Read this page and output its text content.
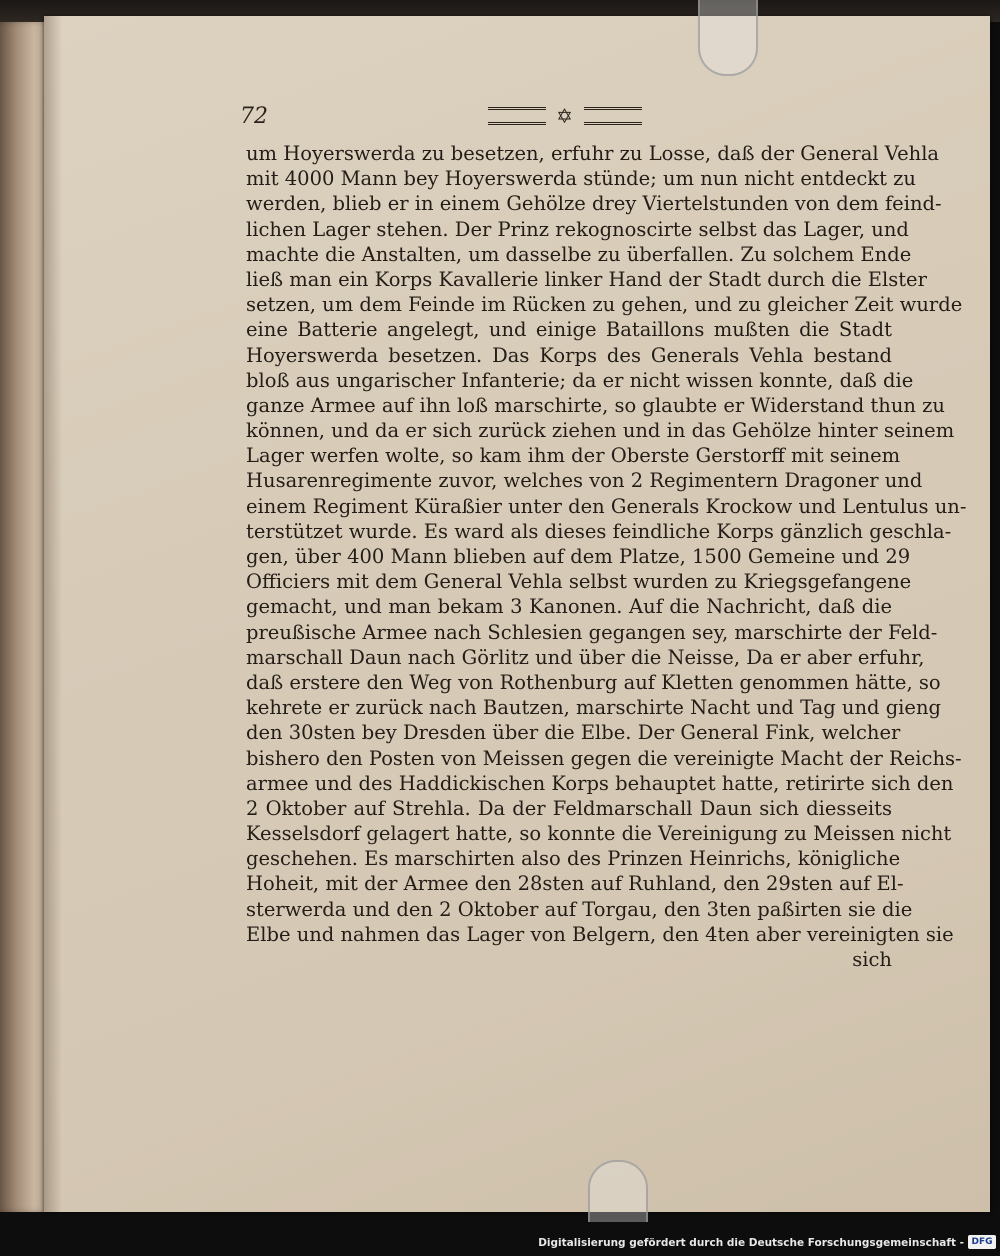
72	✡
um Hoyerswerda zu besetzen, erfuhr zu Losse, daß der General Vehla
mit 4000 Mann bey Hoyerswerda stünde; um nun nicht entdeckt zu
werden, blieb er in einem Gehölze drey Viertelstunden von dem feind-
lichen Lager stehen. Der Prinz rekognoscirte selbst das Lager, und
machte die Anstalten, um dasselbe zu überfallen. Zu solchem Ende
ließ man ein Korps Kavallerie linker Hand der Stadt durch die Elster
setzen, um dem Feinde im Rücken zu gehen, und zu gleicher Zeit wurde
eine Batterie angelegt, und einige Bataillons mußten die Stadt
Hoyerswerda besetzen. Das Korps des Generals Vehla bestand
bloß aus ungarischer Infanterie; da er nicht wissen konnte, daß die
ganze Armee auf ihn loß marschirte, so glaubte er Widerstand thun zu
können, und da er sich zurück ziehen und in das Gehölze hinter seinem
Lager werfen wolte, so kam ihm der Oberste Gerstorff mit seinem
Husarenregimente zuvor, welches von 2 Regimentern Dragoner und
einem Regiment Küraßier unter den Generals Krockow und Lentulus un-
terstützet wurde. Es ward als dieses feindliche Korps gänzlich geschla-
gen, über 400 Mann blieben auf dem Platze, 1500 Gemeine und 29
Officiers mit dem General Vehla selbst wurden zu Kriegsgefangene
gemacht, und man bekam 3 Kanonen. Auf die Nachricht, daß die
preußische Armee nach Schlesien gegangen sey, marschirte der Feld-
marschall Daun nach Görlitz und über die Neisse, Da er aber erfuhr,
daß erstere den Weg von Rothenburg auf Kletten genommen hätte, so
kehrete er zurück nach Bautzen, marschirte Nacht und Tag und gieng
den 30sten bey Dresden über die Elbe. Der General Fink, welcher
bishero den Posten von Meissen gegen die vereinigte Macht der Reichs-
armee und des Haddickischen Korps behauptet hatte, retirirte sich den
2 Oktober auf Strehla. Da der Feldmarschall Daun sich diesseits
Kesselsdorf gelagert hatte, so konnte die Vereinigung zu Meissen nicht
geschehen. Es marschirten also des Prinzen Heinrichs, königliche
Hoheit, mit der Armee den 28sten auf Ruhland, den 29sten auf El-
sterwerda und den 2 Oktober auf Torgau, den 3ten paßirten sie die
Elbe und nahmen das Lager von Belgern, den 4ten aber vereinigten sie
sich
Digitalisierung gefördert durch die Deutsche Forschungsgemeinschaft - DFG
